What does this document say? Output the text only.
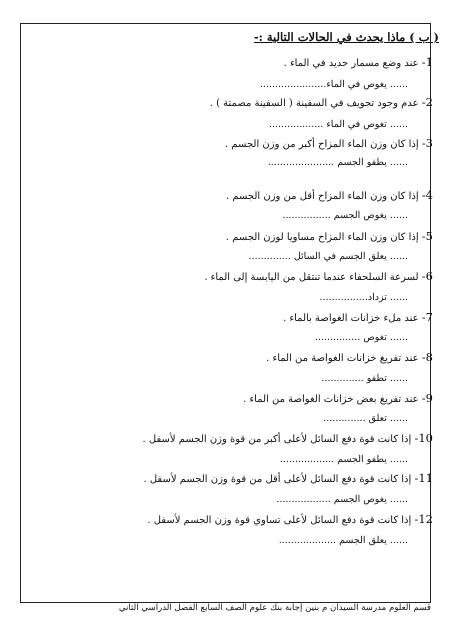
( ب ) ماذا يحدث في الحالات التالية :-
1- عند وضع مسمار حديد في الماء .
...... يغوص في الماء......................
2- عدم وجود تجويف في السفينة ( السفينة مصمتة ) .
...... تغوص في الماء ..................
3- إذا كان وزن الماء المزاح أكبر من وزن الجسم .
...... يطفو الجسم ......................
4- إذا كان وزن الماء المزاح أقل من وزن الجسم .
...... يغوص الجسم ................
5- إذا كان وزن الماء المزاح مساويا لوزن الجسم .
...... يعلق الجسم في السائل ..............
6- لسرعة السلحفاء عندما تنتقل من اليابسة إلى الماء .
...... تزداد................
7- عند ملء خزانات الغواصة بالماء .
...... تغوص ...............
8- عند تفريغ خزانات الغواصة من الماء .
...... تطفو ..............
9- عند تفريغ بعض خزانات الغواصة من الماء .
...... تعلق ..............
10- إذا كانت قوة دفع السائل لأعلى أكبر من قوة وزن الجسم لأسفل .
...... يطفو الجسم ..................
11- إذا كانت قوة دفع السائل لأعلى أقل من قوة وزن الجسم لأسفل .
...... يغوص الجسم ..................
12- إذا كانت قوة دفع السائل لأعلى تساوي قوة وزن الجسم لأسفل .
...... يعلق الجسم ...................
قسم العلوم مدرسة السيدان م بنين إجابة بنك علوم الصف السابع الفصل الدراسي الثاني
